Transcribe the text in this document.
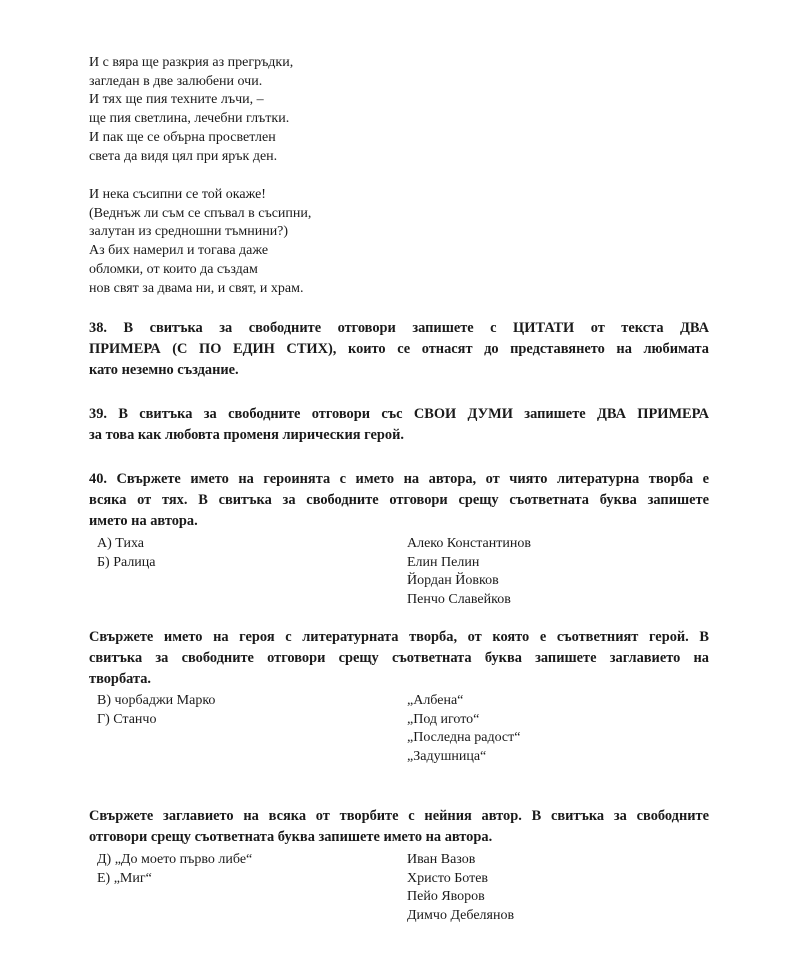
И с вяра ще разкрия аз прегръдки,
загледан в две залюбени очи.
И тях ще пия техните лъчи, –
ще пия светлина, лечебни глътки.
И пак ще се обърна просветлен
света да видя цял при ярък ден.
И нека съсипни се той окаже!
(Веднъж ли съм се спъвал в съсипни,
залутан из средношни тъмнини?)
Аз бих намерил и тогава даже
обломки, от които да създам
нов свят за двама ни, и свят, и храм.
38. В свитъка за свободните отговори запишете с ЦИТАТИ от текста ДВА
ПРИМЕРА (С ПО ЕДИН СТИХ), които се отнасят до представянето на любимата
като неземно създание.
39. В свитъка за свободните отговори със СВОИ ДУМИ запишете ДВА ПРИМЕРА
за това как любовта променя лирическия герой.
40. Свържете името на героинята с името на автора, от чиято литературна творба е
всяка от тях. В свитъка за свободните отговори срещу съответната буква запишете
името на автора.
А) Тиха
Б) Ралица
Алеко Константинов
Елин Пелин
Йордан Йовков
Пенчо Славейков
Свържете името на героя с литературната творба, от която е съответният герой. В
свитъка за свободните отговори срещу съответната буква запишете заглавието на
творбата.
В) чорбаджи Марко
Г) Станчо
„Албена“
„Под игото“
„Последна радост“
„Задушница“
Свържете заглавието на всяка от творбите с нейния автор. В свитъка за свободните
отговори срещу съответната буква запишете името на автора.
Д) „До моето първо либе“
Е) „Миг“
Иван Вазов
Христо Ботев
Пейо Яворов
Димчо Дебелянов
